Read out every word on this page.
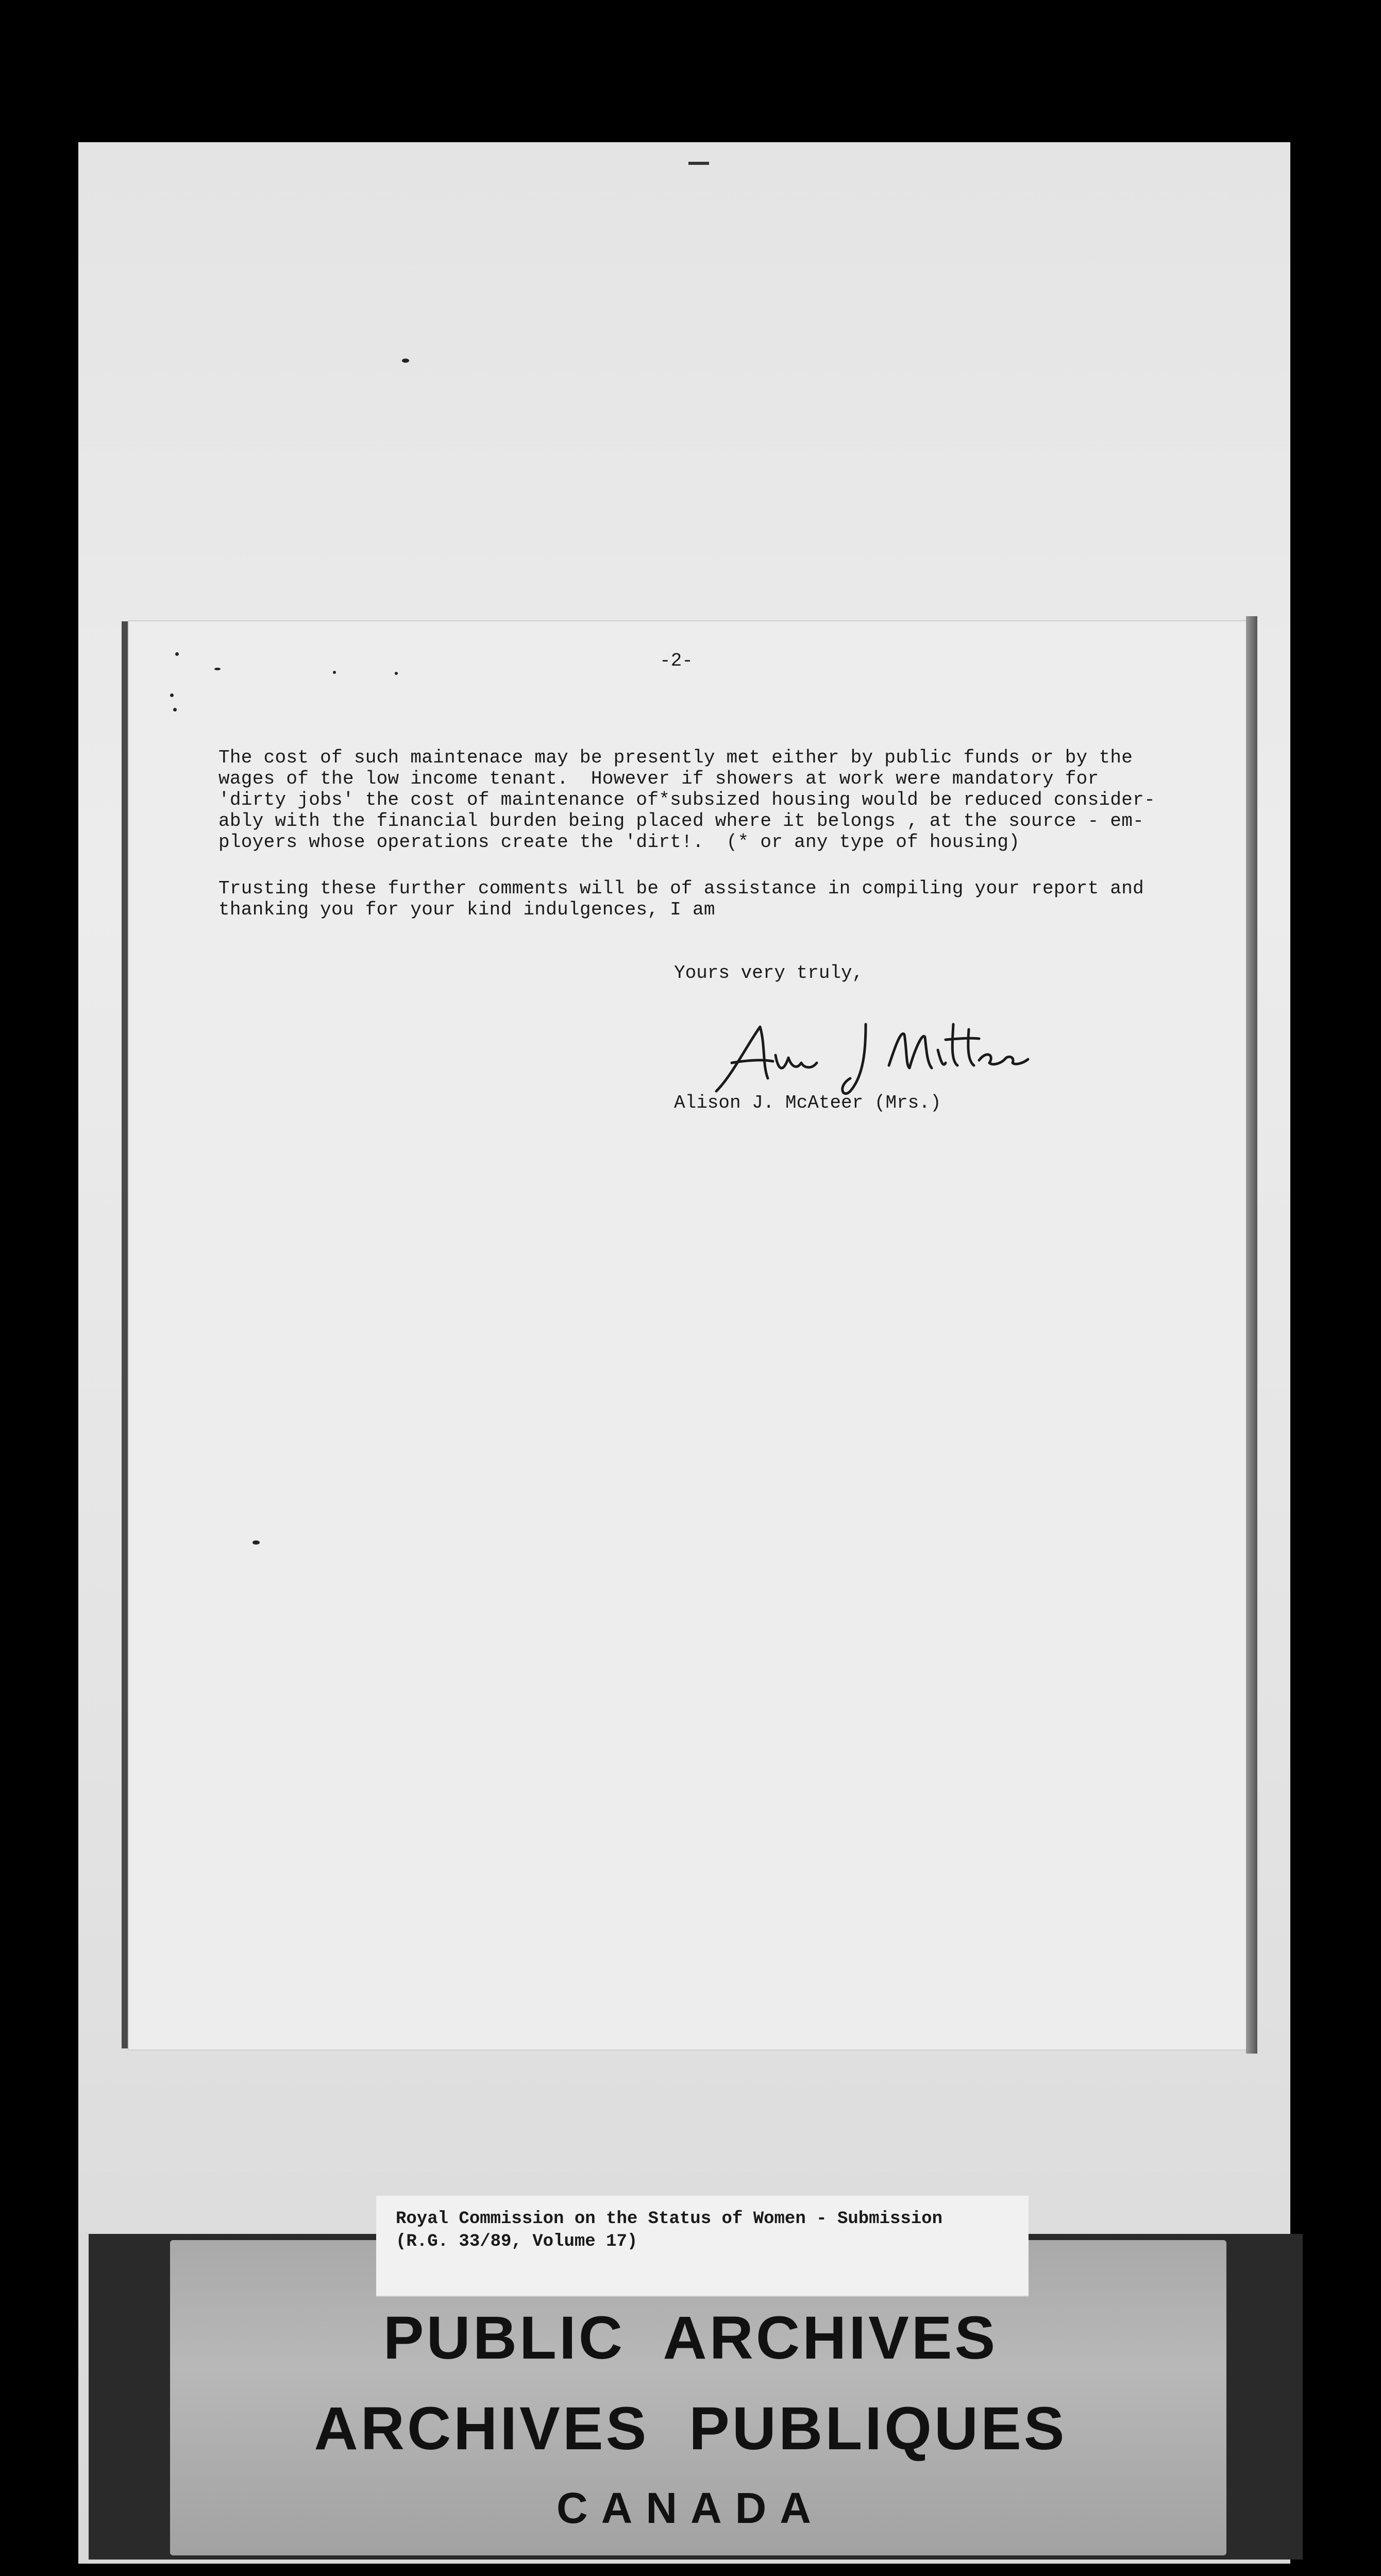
-2-
The cost of such maintenace may be presently met either by public funds or by the
wages of the low income tenant.  However if showers at work were mandatory for
'dirty jobs' the cost of maintenance of*subsized housing would be reduced consider-
ably with the financial burden being placed where it belongs , at the source - em-
ployers whose operations create the 'dirt!.  (* or any type of housing)
Trusting these further comments will be of assistance in compiling your report and
thanking you for your kind indulgences, I am
Yours very truly,
Alison J. McAteer (Mrs.)
PUBLIC ARCHIVES
ARCHIVES PUBLIQUES
CANADA
Royal Commission on the Status of Women - Submission
(R.G. 33/89, Volume 17)
